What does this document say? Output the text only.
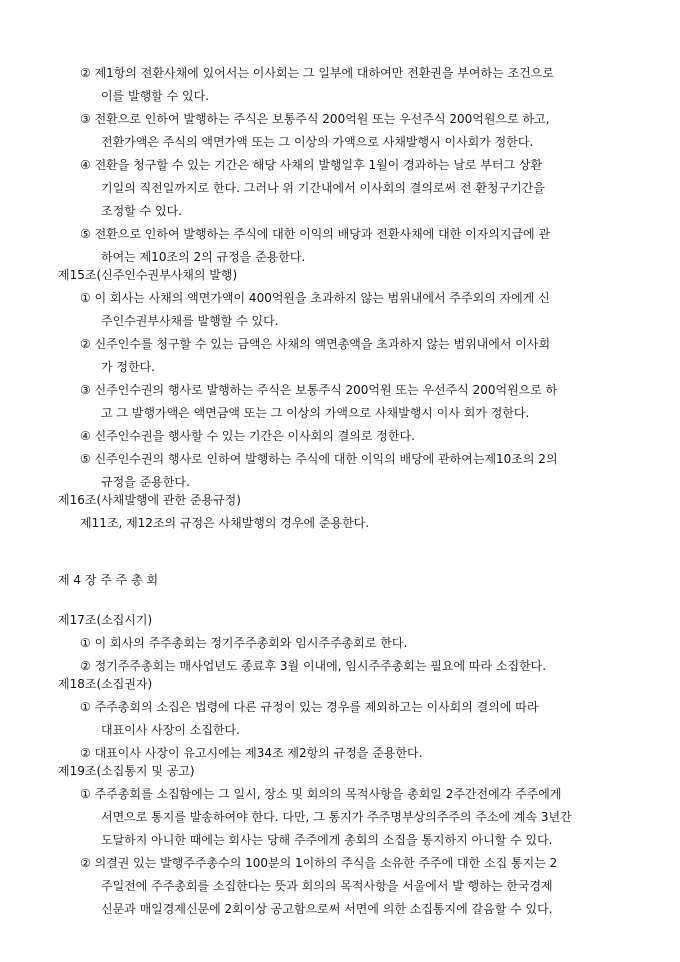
② 제1항의 전환사채에 있어서는 이사회는 그 일부에 대하여만 전환권을 부여하는 조건으로
이를 발행할 수 있다.
③ 전환으로 인하여 발행하는 주식은 보통주식 200억원 또는 우선주식 200억원으로 하고,
전환가액은 주식의 액면가액 또는 그 이상의 가액으로 사채발행시 이사회가 정한다.
④ 전환을 청구할 수 있는 기간은 해당 사채의 발행일후 1월이 경과하는 날로 부터그 상환
기일의 직전일까지로 한다. 그러나 위 기간내에서 이사회의 결의로써 전 환청구기간을
조정할 수 있다.
⑤ 전환으로 인하여 발행하는 주식에 대한 이익의 배당과 전환사채에 대한 이자의지급에 관
하여는 제10조의 2의 규정을 준용한다.
제15조(신주인수권부사채의 발행)
① 이 회사는 사채의 액면가액이 400억원을 초과하지 않는 범위내에서 주주외의 자에게 신
주인수권부사채를 발행할 수 있다.
② 신주인수를 청구할 수 있는 금액은 사채의 액면총액을 초과하지 않는 범위내에서 이사회
가 정한다.
③ 신주인수권의 행사로 발행하는 주식은 보통주식 200억원 또는 우선주식 200억원으로 하
고 그 발행가액은 액면금액 또는 그 이상의 가액으로 사채발행시 이사 회가 정한다.
④ 신주인수권을 행사할 수 있는 기간은 이사회의 결의로 정한다.
⑤ 신주인수권의 행사로 인하여 발행하는 주식에 대한 이익의 배당에 관하여는제10조의 2의
규정을 준용한다.
제16조(사채발행에 관한 준용규정)
제11조, 제12조의 규정은 사채발행의 경우에 준용한다.
제 4 장 주 주 총 회
제17조(소집시기)
① 이 회사의 주주총회는 정기주주총회와 임시주주총회로 한다.
② 정기주주총회는 매사업년도 종료후 3월 이내에, 임시주주총회는 필요에 따라 소집한다.
제18조(소집권자)
① 주주총회의 소집은 법령에 다른 규정이 있는 경우를 제외하고는 이사회의 결의에 따라
대표이사 사장이 소집한다.
② 대표이사 사장이 유고시에는 제34조 제2항의 규정을 준용한다.
제19조(소집통지 및 공고)
① 주주총회를 소집함에는 그 일시, 장소 및 회의의 목적사항을 총회일 2주간전에각 주주에게
서면으로 통지를 발송하여야 한다. 다만, 그 통지가 주주명부상의주주의 주소에 계속 3년간
도달하지 아니한 때에는 회사는 당해 주주에게 총회의 소집을 통지하지 아니할 수 있다.
② 의결권 있는 발행주주총수의 100분의 1이하의 주식을 소유한 주주에 대한 소집 통지는 2
주일전에 주주총회를 소집한다는 뜻과 회의의 목적사항을 서울에서 발 행하는 한국경제
신문과 매일경제신문에 2회이상 공고함으로써 서면에 의한 소집통지에 갈음할 수 있다.
